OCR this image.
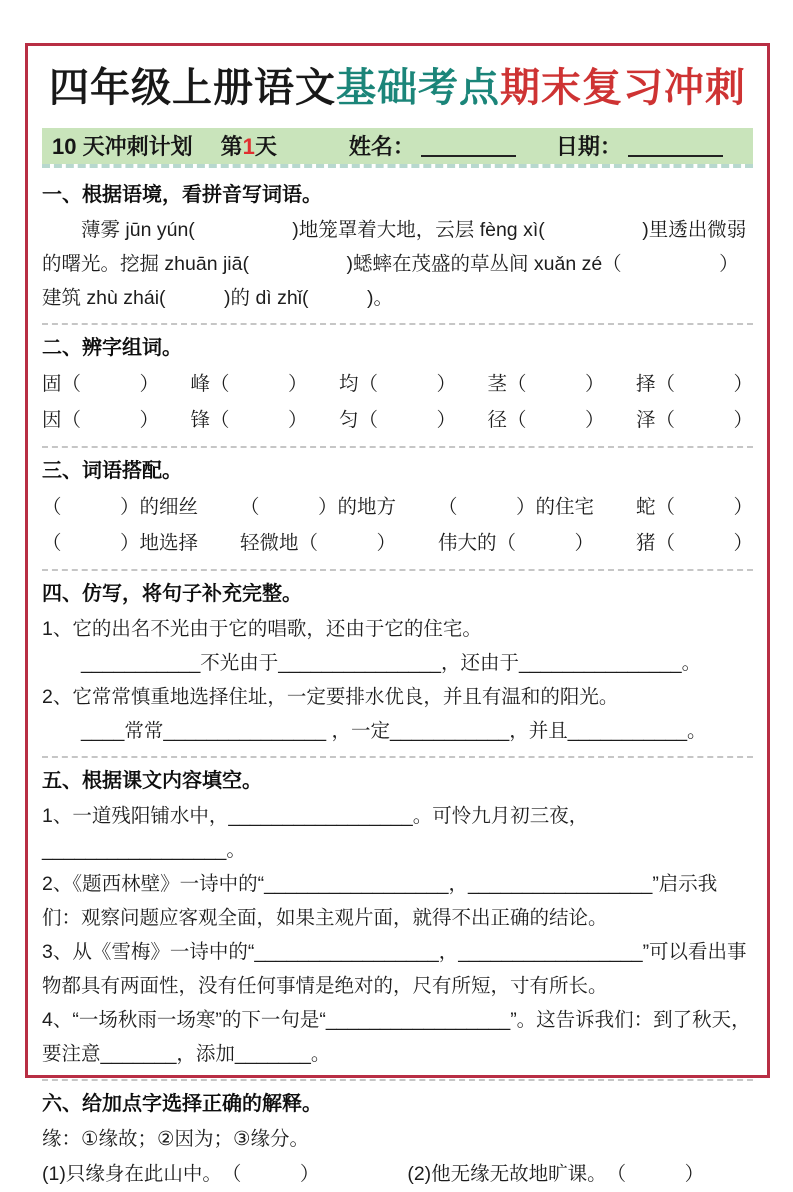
四年级上册语文基础考点期末复习冲刺
10 天冲刺计划 第1天	姓名：	日期：
一、根据语境，看拼音写词语。

薄雾 jūn yún(　　　　　)地笼罩着大地，云层 fèng xì(　　　　　)里透出微弱的曙光。挖掘 zhuān jiā(　　　　　)蟋蟀在茂盛的草丛间 xuǎn zé（　　　　　） 建筑 zhù zhái(　　　)的 dì zhǐ(　　　)。

二、辨字组词。
固（　　　） 峰（　　　） 均（　　　） 茎（　　　） 择（　　　）
因（　　　） 锋（　　　） 匀（　　　） 径（　　　） 泽（　　　）
三、词语搭配。
（　　　）的细丝 （　　　）的地方 （　　　）的住宅 蛇（　　　）
（　　　）地选择 轻微地（　　　） 伟大的（　　　） 猪（　　　）
四、仿写，将句子补充完整。

1、它的出名不光由于它的唱歌，还由于它的住宅。

　　___________不光由于_______________，还由于_______________。

2、它常常慎重地选择住址，一定要排水优良，并且有温和的阳光。

　　____常常_______________ ，一定___________，并且___________。

五、根据课文内容填空。

1、一道残阳铺水中，_________________。可怜九月初三夜，_________________。

2、《题西林壁》一诗中的“_________________，_________________”启示我们：观察问题应客观全面，如果主观片面，就得不出正确的结论。

3、从《雪梅》一诗中的“_________________，_________________”可以看出事物都具有两面性，没有任何事情是绝对的，尺有所短，寸有所长。

4、“一场秋雨一场寒”的下一句是“_________________”。这告诉我们：到了秋天，要注意_______，添加_______。

六、给加点字选择正确的解释。

缘：①缘故；②因为；③缘分。

(1)只缘身在此山中。　（　　　）	(2)他无缘无故地旷课。　（　　　）
